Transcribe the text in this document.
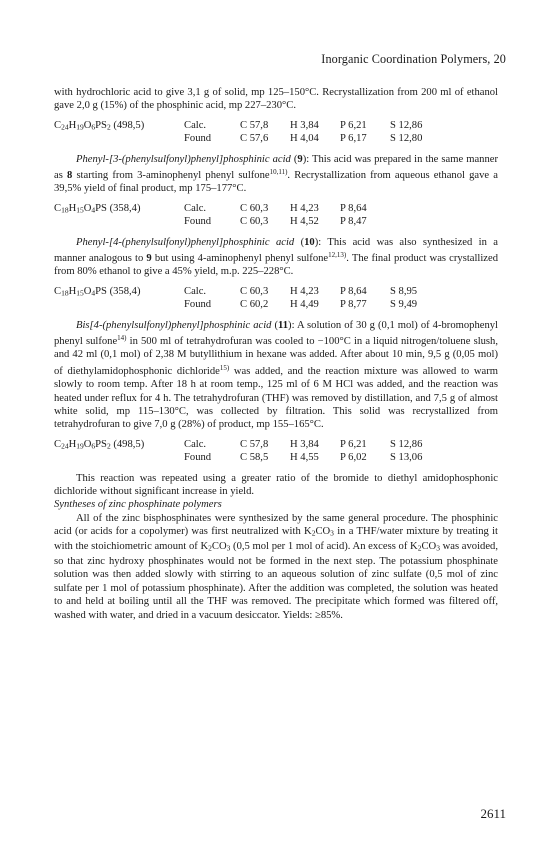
Inorganic Coordination Polymers, 20

with hydrochloric acid to give 3,1 g of solid, mp 125–150°C. Recrystallization from 200 ml of ethanol gave 2,0 g (15%) of the phosphinic acid, mp 227–230°C.

$C_{24}H_{19}O_6PS_2$ (498,5)	Calc.	C 57,8	H 3,84	P 6,21	S 12,86
Found	C 57,6	H 4,04	P 6,17	S 12,80

Phenyl-[3-(phenylsulfonyl)phenyl]phosphinic acid (9): This acid was prepared in the same manner as 8 starting from 3-aminophenyl phenyl sulfone$^{10,11)}$. Recrystallization from aqueous ethanol gave a 39,5% yield of final product, mp 175–177°C.

$C_{18}H_{15}O_4PS$ (358,4)	Calc.	C 60,3	H 4,23	P 8,64
Found	C 60,3	H 4,52	P 8,47

Phenyl-[4-(phenylsulfonyl)phenyl]phosphinic acid (10): This acid was also synthesized in a manner analogous to 9 but using 4-aminophenyl phenyl sulfone$^{12,13)}$. The final product was crystallized from 80% ethanol to give a 45% yield, m.p. 225–228°C.

$C_{18}H_{15}O_4PS$ (358,4)	Calc.	C 60,3	H 4,23	P 8,64	S 8,95
Found	C 60,2	H 4,49	P 8,77	S 9,49

Bis[4-(phenylsulfonyl)phenyl]phosphinic acid (11): A solution of 30 g (0,1 mol) of 4-bromophenyl phenyl sulfone$^{14)}$ in 500 ml of tetrahydrofuran was cooled to −100°C in a liquid nitrogen/toluene slush, and 42 ml (0,1 mol) of 2,38 M butyllithium in hexane was added. After about 10 min, 9,5 g (0,05 mol) of diethylamidophosphonic dichloride$^{15)}$ was added, and the reaction mixture was allowed to warm slowly to room temp. After 18 h at room temp., 125 ml of 6 M HCl was added, and the reaction was heated under reflux for 4 h. The tetrahydrofuran (THF) was removed by distillation, and 7,5 g of almost white solid, mp 115–130°C, was collected by filtration. This solid was recrystallized from tetrahydrofuran to give 7,0 g (28%) of product, mp 155–165°C.

$C_{24}H_{19}O_6PS_2$ (498,5)	Calc.	C 57,8	H 3,84	P 6,21	S 12,86
Found	C 58,5	H 4,55	P 6,02	S 13,06

This reaction was repeated using a greater ratio of the bromide to diethyl amidophosphonic dichloride without significant increase in yield.

Syntheses of zinc phosphinate polymers

All of the zinc bisphosphinates were synthesized by the same general procedure. The phosphinic acid (or acids for a copolymer) was first neutralized with $K_2CO_3$ in a THF/water mixture by treating it with the stoichiometric amount of $K_2CO_3$ (0,5 mol per 1 mol of acid). An excess of $K_2CO_3$ was avoided, so that zinc hydroxy phosphinates would not be formed in the next step. The potassium phosphinate solution was then added slowly with stirring to an aqueous solution of zinc sulfate (0,5 mol of zinc sulfate per 1 mol of potassium phosphinate). After the addition was completed, the solution was heated to and held at boiling until all the THF was removed. The precipitate which formed was filtered off, washed with water, and dried in a vacuum desiccator. Yields: ≥85%.

2611
